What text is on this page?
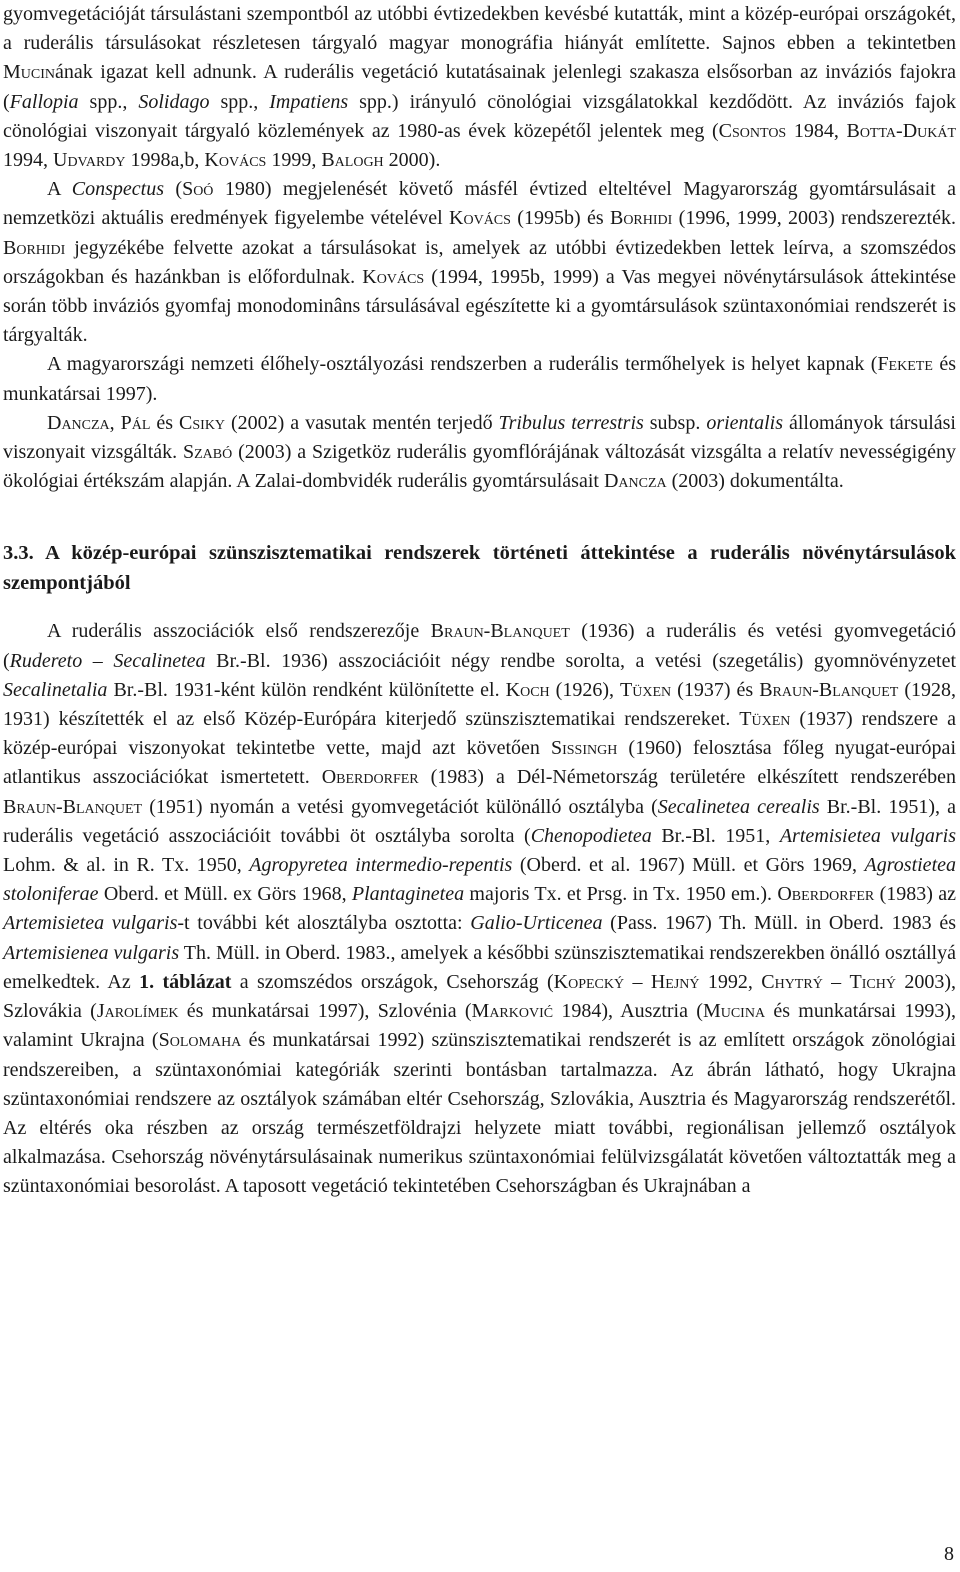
gyomvegetációját társulástani szempontból az utóbbi évtizedekben kevésbé kutatták, mint a közép-európai országokét, a ruderális társulásokat részletesen tárgyaló magyar monográfia hiányát említette. Sajnos ebben a tekintetben Mucinának igazat kell adnunk. A ruderális vegetáció kutatásainak jelenlegi szakasza elsősorban az inváziós fajokra (Fallopia spp., Solidago spp., Impatiens spp.) irányuló cönológiai vizsgálatokkal kezdődött. Az inváziós fajok cönológiai viszonyait tárgyaló közlemények az 1980-as évek közepétől jelentek meg (Csontos 1984, Botta-Dukát 1994, Udvardy 1998a,b, Kovács 1999, Balogh 2000).

A Conspectus (Soó 1980) megjelenését követő másfél évtized elteltével Magyarország gyomtársulásait a nemzetközi aktuális eredmények figyelembe vételével Kovács (1995b) és Borhidi (1996, 1999, 2003) rendszerezték. Borhidi jegyzékébe felvette azokat a társulásokat is, amelyek az utóbbi évtizedekben lettek leírva, a szomszédos országokban és hazánkban is előfordulnak. Kovács (1994, 1995b, 1999) a Vas megyei növénytársulások áttekintése során több inváziós gyomfaj monodominâns társulásával egészítette ki a gyomtársulások szüntaxonómiai rendszerét is tárgyalták.

A magyarországi nemzeti élőhely-osztályozási rendszerben a ruderális termőhelyek is helyet kapnak (Fekete és munkatársai 1997).

Dancza, Pál és Csiky (2002) a vasutak mentén terjedő Tribulus terrestris subsp. orientalis állományok társulási viszonyait vizsgálták. Szabó (2003) a Szigetköz ruderális gyomflórájának változását vizsgálta a relatív nevességigény ökológiai értékszám alapján. A Zalai-dombvidék ruderális gyomtársulásait Dancza (2003) dokumentálta.

3.3. A közép-európai szünszisztematikai rendszerek történeti áttekintése a ruderális növénytársulások szempontjából

A ruderális asszociációk első rendszerezője Braun-Blanquet (1936) a ruderális és vetési gyomvegetáció (Rudereto – Secalinetea Br.-Bl. 1936) asszociációit négy rendbe sorolta, a vetési (szegetális) gyomnövényzetet Secalinetalia Br.-Bl. 1931-ként külön rendként különítette el. Koch (1926), Tüxen (1937) és Braun-Blanquet (1928, 1931) készítették el az első Közép-Európára kiterjedő szünszisztematikai rendszereket. Tüxen (1937) rendszere a közép-európai viszonyokat tekintetbe vette, majd azt követően Sissingh (1960) felosztása főleg nyugat-európai atlantikus asszociációkat ismertetett. Oberdorfer (1983) a Dél-Németország területére elkészített rendszerében Braun-Blanquet (1951) nyomán a vetési gyomvegetációt különálló osztályba (Secalinetea cerealis Br.-Bl. 1951), a ruderális vegetáció asszociációit további öt osztályba sorolta (Chenopodietea Br.-Bl. 1951, Artemisietea vulgaris Lohm. & al. in R. Tx. 1950, Agropyretea intermedio-repentis (Oberd. et al. 1967) Müll. et Görs 1969, Agrostietea stoloniferae Oberd. et Müll. ex Görs 1968, Plantaginetea majoris Tx. et Prsg. in Tx. 1950 em.). Oberdorfer (1983) az Artemisietea vulgaris-t további két alosztályba osztotta: Galio-Urticenea (Pass. 1967) Th. Müll. in Oberd. 1983 és Artemisienea vulgaris Th. Müll. in Oberd. 1983., amelyek a későbbi szünszisztematikai rendszerekben önálló osztállyá emelkedtek. Az 1. táblázat a szomszédos országok, Csehország (Kopecký – Hejný 1992, Chytrý – Tichý 2003), Szlovákia (Jarolímek és munkatársai 1997), Szlovénia (Marković 1984), Ausztria (Mucina és munkatársai 1993), valamint Ukrajna (Solomaha és munkatársai 1992) szünszisztematikai rendszerét is az említett országok zönológiai rendszereiben, a szüntaxonómiai kategóriák szerinti bontásban tartalmazza. Az ábrán látható, hogy Ukrajna szüntaxonómiai rendszere az osztályok számában eltér Csehország, Szlovákia, Ausztria és Magyarország rendszerétől. Az eltérés oka részben az ország természetföldrajzi helyzete miatt további, regionálisan jellemző osztályok alkalmazása. Csehország növénytársulásainak numerikus szüntaxonómiai felülvizsgálatát követően változtatták meg a szüntaxonómiai besorolást. A taposott vegetáció tekintetében Csehországban és Ukrajnában a

8
